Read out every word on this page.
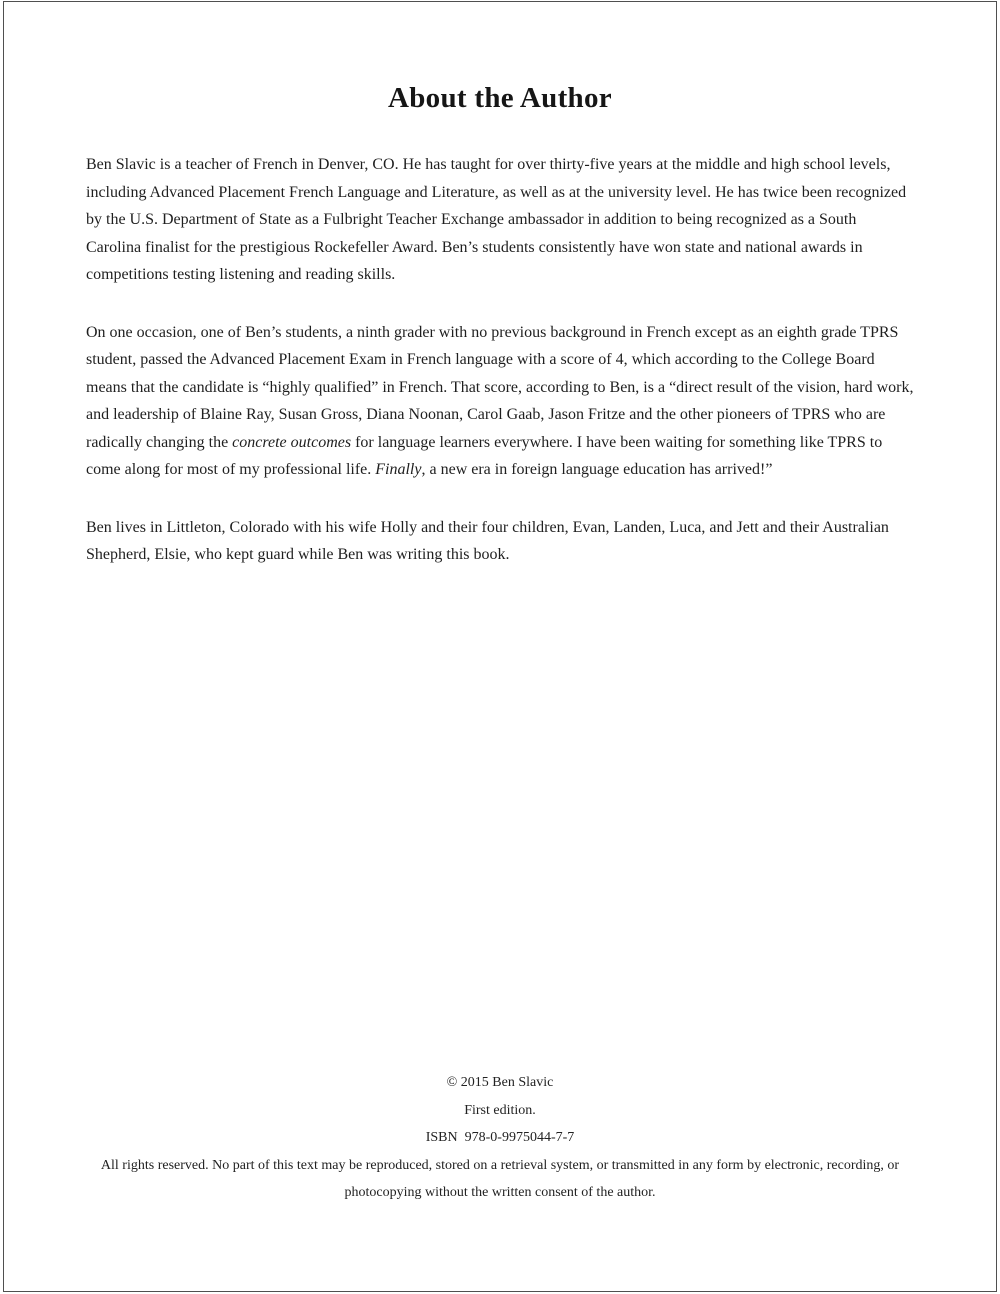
About the Author

Ben Slavic is a teacher of French in Denver, CO. He has taught for over thirty-five years at the middle and high school levels, including Advanced Placement French Language and Literature, as well as at the university level. He has twice been recognized by the U.S. Department of State as a Fulbright Teacher Exchange ambassador in addition to being recognized as a South Carolina finalist for the prestigious Rockefeller Award. Ben’s students consistently have won state and national awards in competitions testing listening and reading skills.

On one occasion, one of Ben’s students, a ninth grader with no previous background in French except as an eighth grade TPRS student, passed the Advanced Placement Exam in French language with a score of 4, which according to the College Board means that the candidate is “highly qualified” in French. That score, according to Ben, is a “direct result of the vision, hard work, and leadership of Blaine Ray, Susan Gross, Diana Noonan, Carol Gaab, Jason Fritze and the other pioneers of TPRS who are radically changing the concrete outcomes for language learners everywhere. I have been waiting for something like TPRS to come along for most of my professional life. Finally, a new era in foreign language education has arrived!”

Ben lives in Littleton, Colorado with his wife Holly and their four children, Evan, Landen, Luca, and Jett and their Australian Shepherd, Elsie, who kept guard while Ben was writing this book.

© 2015 Ben Slavic
First edition.
ISBN  978-0-9975044-7-7
All rights reserved. No part of this text may be reproduced, stored on a retrieval system, or transmitted in any form by electronic, recording, or photocopying without the written consent of the author.
